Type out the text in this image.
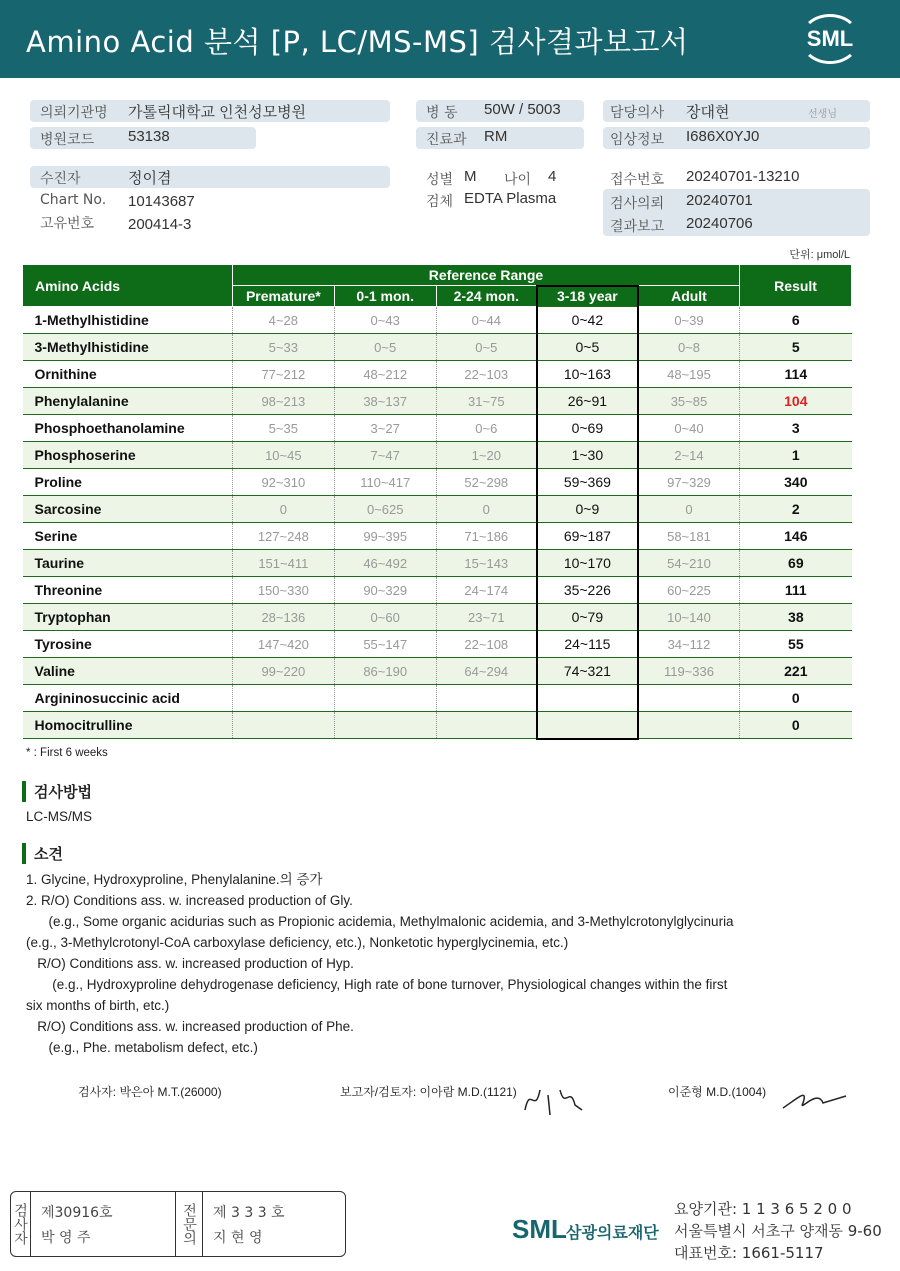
Amino Acid 분석 [P, LC/MS-MS] 검사결과보고서	SML
의뢰기관명 가톨릭대학교 인천성모병원
병원코드 53138
병 동 50W / 5003
진료과 RM
담당의사 장대현	선생님
임상정보 I686X0YJ0
수진자	정이겸
Chart No. 10143687
고유번호 200414-3
성별 M 나이 4
검체 EDTA Plasma
접수번호 20240701-13210
검사의뢰 20240701
결과보고 20240706
단위: μmol/L
Amino Acids	Reference Range					Result
	Premature*	0-1 mon.	2-24 mon.	3-18 year	Adult	
1-Methylhistidine	4~28	0~43	0~44	0~42	0~39	6
3-Methylhistidine	5~33	0~5	0~5	0~5	0~8	5
Ornithine	77~212	48~212	22~103	10~163	48~195	114
Phenylalanine	98~213	38~137	31~75	26~91	35~85	104
Phosphoethanolamine	5~35	3~27	0~6	0~69	0~40	3
Phosphoserine	10~45	7~47	1~20	1~30	2~14	1
Proline	92~310	110~417	52~298	59~369	97~329	340
Sarcosine	0	0~625	0	0~9	0	2
Serine	127~248	99~395	71~186	69~187	58~181	146
Taurine	151~411	46~492	15~143	10~170	54~210	69
Threonine	150~330	90~329	24~174	35~226	60~225	111
Tryptophan	28~136	0~60	23~71	0~79	10~140	38
Tyrosine	147~420	55~147	22~108	24~115	34~112	55
Valine	99~220	86~190	64~294	74~321	119~336	221
Argininosuccinic acid						0
Homocitrulline						0
* : First 6 weeks
검사방법
LC-MS/MS
소견
1. Glycine, Hydroxyproline, Phenylalanine.의 증가
2. R/O) Conditions ass. w. increased production of Gly.
(e.g., Some organic acidurias such as Propionic acidemia, Methylmalonic acidemia, and 3-Methylcrotonylglycinuria
(e.g., 3-Methylcrotonyl-CoA carboxylase deficiency, etc.), Nonketotic hyperglycinemia, etc.)
R/O) Conditions ass. w. increased production of Hyp.
(e.g., Hydroxyproline dehydrogenase deficiency, High rate of bone turnover, Physiological changes within the first
six months of birth, etc.)
R/O) Conditions ass. w. increased production of Phe.
(e.g., Phe. metabolism defect, etc.)
검사자: 박은아 M.T.(26000)	보고자/검토자: 이아람 M.D.(1121)	이준형 M.D.(1004)
검사자 제30916호
박 영 주	전문의	제 3 3 3 호
지 현 영	SML 삼광의료재단
요양기관: 1 1 3 6 5 2 0 0
서울특별시 서초구 양재동 9-60
대표번호: 1661-5117
